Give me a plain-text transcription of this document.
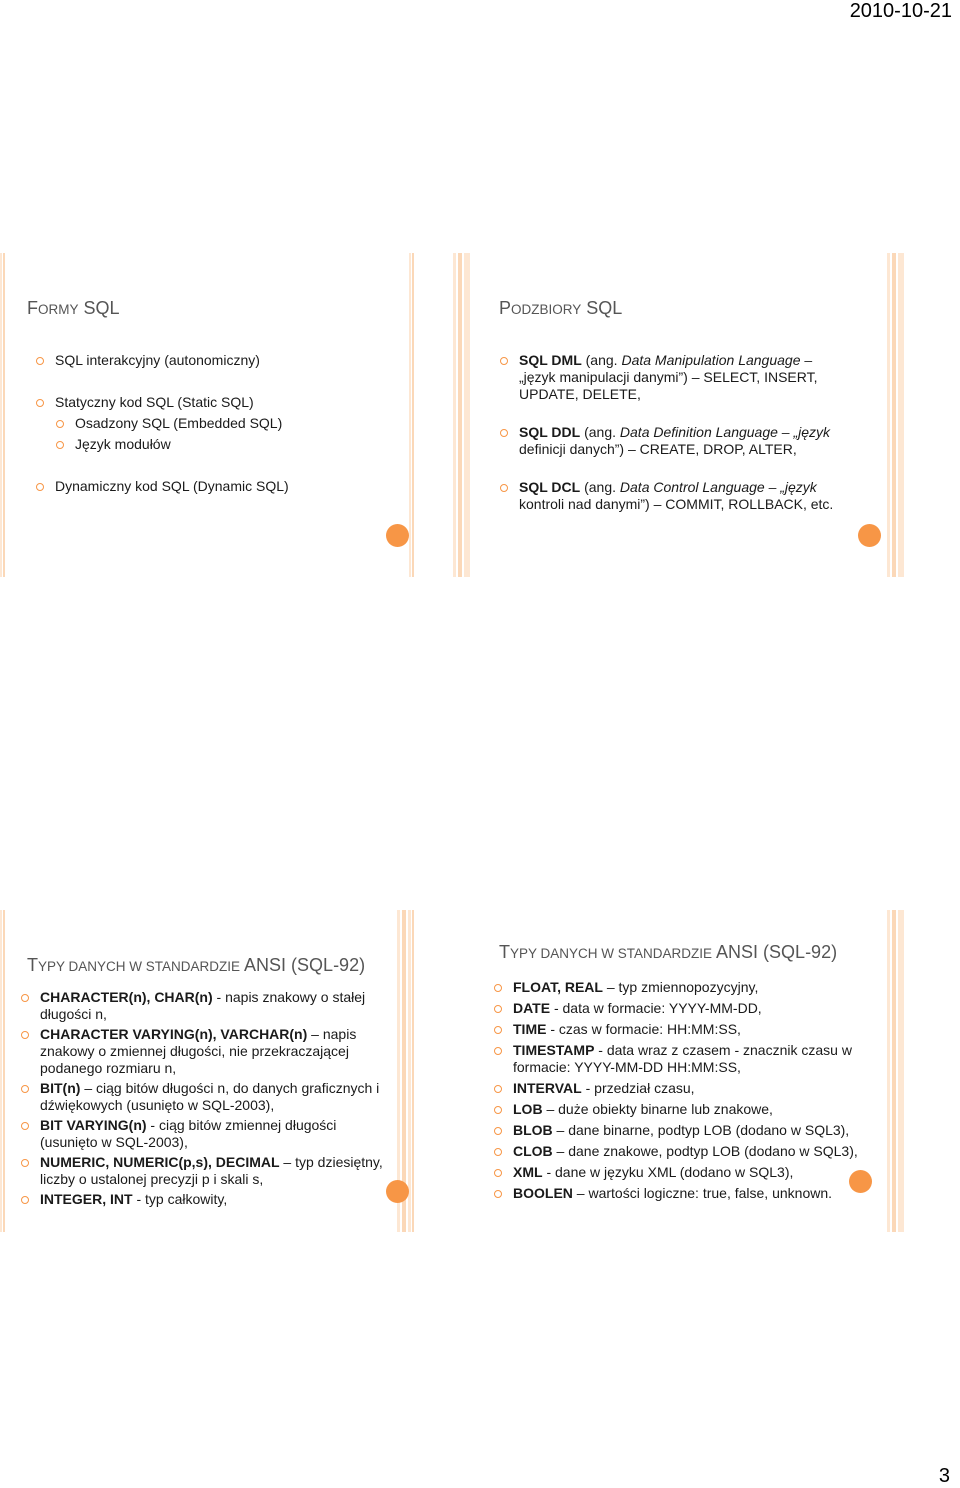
2010-10-21
FORMY SQL
SQL interakcyjny (autonomiczny)
Statyczny kod SQL (Static SQL)
Osadzony SQL (Embedded SQL)
Język modułów
Dynamiczny kod SQL (Dynamic SQL)
PODZBIORY SQL
SQL DML (ang. Data Manipulation Language –
„język manipulacji danymi”) – SELECT, INSERT,
UPDATE, DELETE,
SQL DDL (ang. Data Definition Language – „język
definicji danych”) – CREATE, DROP, ALTER,
SQL DCL (ang. Data Control Language – „język
kontroli nad danymi”) – COMMIT, ROLLBACK, etc.
TYPY DANYCH W STANDARDZIE ANSI (SQL-92)
CHARACTER(n), CHAR(n) - napis znakowy o stałej długości n,
CHARACTER VARYING(n), VARCHAR(n) – napis znakowy o zmiennej długości, nie przekraczającej podanego rozmiaru n,
BIT(n) – ciąg bitów długości n, do danych graficznych i dźwiękowych (usunięto w SQL-2003),
BIT VARYING(n) - ciąg bitów zmiennej długości (usunięto w SQL-2003),
NUMERIC, NUMERIC(p,s), DECIMAL – typ dziesiętny, liczby o ustalonej precyzji p i skali s,
INTEGER, INT - typ całkowity,
TYPY DANYCH W STANDARDZIE ANSI (SQL-92)
FLOAT, REAL – typ zmiennopozycyjny,
DATE - data w formacie: YYYY-MM-DD,
TIME - czas w formacie: HH:MM:SS,
TIMESTAMP - data wraz z czasem - znacznik czasu w formacie: YYYY-MM-DD HH:MM:SS,
INTERVAL - przedział czasu,
LOB – duże obiekty binarne lub znakowe,
BLOB – dane binarne, podtyp LOB (dodano w SQL3),
CLOB – dane znakowe, podtyp LOB (dodano w SQL3),
XML - dane w języku XML (dodano w SQL3),
BOOLEN – wartości logiczne: true, false, unknown.
3
